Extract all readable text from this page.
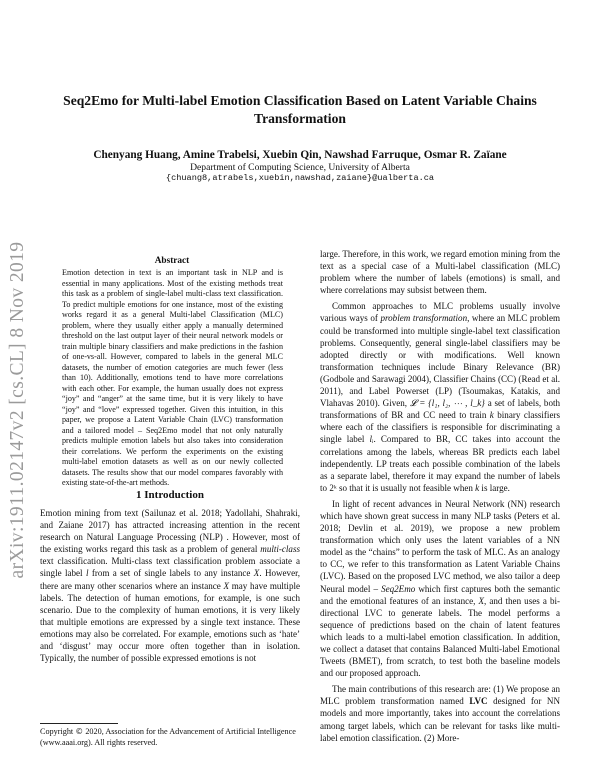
arXiv:1911.02147v2 [cs.CL] 8 Nov 2019
Seq2Emo for Multi-label Emotion Classification Based on Latent Variable Chains Transformation
Chenyang Huang, Amine Trabelsi, Xuebin Qin, Nawshad Farruque, Osmar R. Zaïane
Department of Computing Science, University of Alberta
{chuang8,atrabels,xuebin,nawshad,zaiane}@ualberta.ca
Abstract
Emotion detection in text is an important task in NLP and is essential in many applications. Most of the existing methods treat this task as a problem of single-label multi-class text classification. To predict multiple emotions for one instance, most of the existing works regard it as a general Multi-label Classification (MLC) problem, where they usually either apply a manually determined threshold on the last output layer of their neural network models or train multiple binary classifiers and make predictions in the fashion of one-vs-all. However, compared to labels in the general MLC datasets, the number of emotion categories are much fewer (less than 10). Additionally, emotions tend to have more correlations with each other. For example, the human usually does not express “joy” and “anger” at the same time, but it is very likely to have “joy” and “love” expressed together. Given this intuition, in this paper, we propose a Latent Variable Chain (LVC) transformation and a tailored model – Seq2Emo model that not only naturally predicts multiple emotion labels but also takes into consideration their correlations. We perform the experiments on the existing multi-label emotion datasets as well as on our newly collected datasets. The results show that our model compares favorably with existing state-of-the-art methods.
1 Introduction
Emotion mining from text (Sailunaz et al. 2018; Yadollahi, Shahraki, and Zaiane 2017) has attracted increasing attention in the recent research on Natural Language Processing (NLP) . However, most of the existing works regard this task as a problem of general multi-class text classification. Multi-class text classification problem associate a single label l from a set of single labels to any instance X. However, there are many other scenarios where an instance X may have multiple labels. The detection of human emotions, for example, is one such scenario. Due to the complexity of human emotions, it is very likely that multiple emotions are expressed by a single text instance. These emotions may also be correlated. For example, emotions such as ‘hate’ and ‘disgust’ may occur more often together than in isolation. Typically, the number of possible expressed emotions is not
Copyright © 2020, Association for the Advancement of Artificial Intelligence (www.aaai.org). All rights reserved.

large. Therefore, in this work, we regard emotion mining from the text as a special case of a Multi-label classification (MLC) problem where the number of labels (emotions) is small, and where correlations may subsist between them.

Common approaches to MLC problems usually involve various ways of problem transformation, where an MLC problem could be transformed into multiple single-label text classification problems. Consequently, general single-label classifiers may be adopted directly or with modifications. Well known transformation techniques include Binary Relevance (BR) (Godbole and Sarawagi 2004), Classifier Chains (CC) (Read et al. 2011), and Label Powerset (LP) (Tsoumakas, Katakis, and Vlahavas 2010). Given, 𝓛 = {l₁, l₂, ⋯ , l_k} a set of labels, both transformations of BR and CC need to train k binary classifiers where each of the classifiers is responsible for discriminating a single label lᵢ. Compared to BR, CC takes into account the correlations among the labels, whereas BR predicts each label independently. LP treats each possible combination of the labels as a separate label, therefore it may expand the number of labels to 2ᵏ so that it is usually not feasible when k is large.

In light of recent advances in Neural Network (NN) research which have shown great success in many NLP tasks (Peters et al. 2018; Devlin et al. 2019), we propose a new problem transformation which only uses the latent variables of a NN model as the “chains” to perform the task of MLC. As an analogy to CC, we refer to this transformation as Latent Variable Chains (LVC). Based on the proposed LVC method, we also tailor a deep Neural model – Seq2Emo which first captures both the semantic and the emotional features of an instance, X, and then uses a bi-directional LVC to generate labels. The model performs a sequence of predictions based on the chain of latent features which leads to a multi-label emotion classification. In addition, we collect a dataset that contains Balanced Multi-label Emotional Tweets (BMET), from scratch, to test both the baseline models and our proposed approach.

The main contributions of this research are: (1) We propose an MLC problem transformation named LVC designed for NN models and more importantly, takes into account the correlations among target labels, which can be relevant for tasks like multi-label emotion classification. (2) More-
